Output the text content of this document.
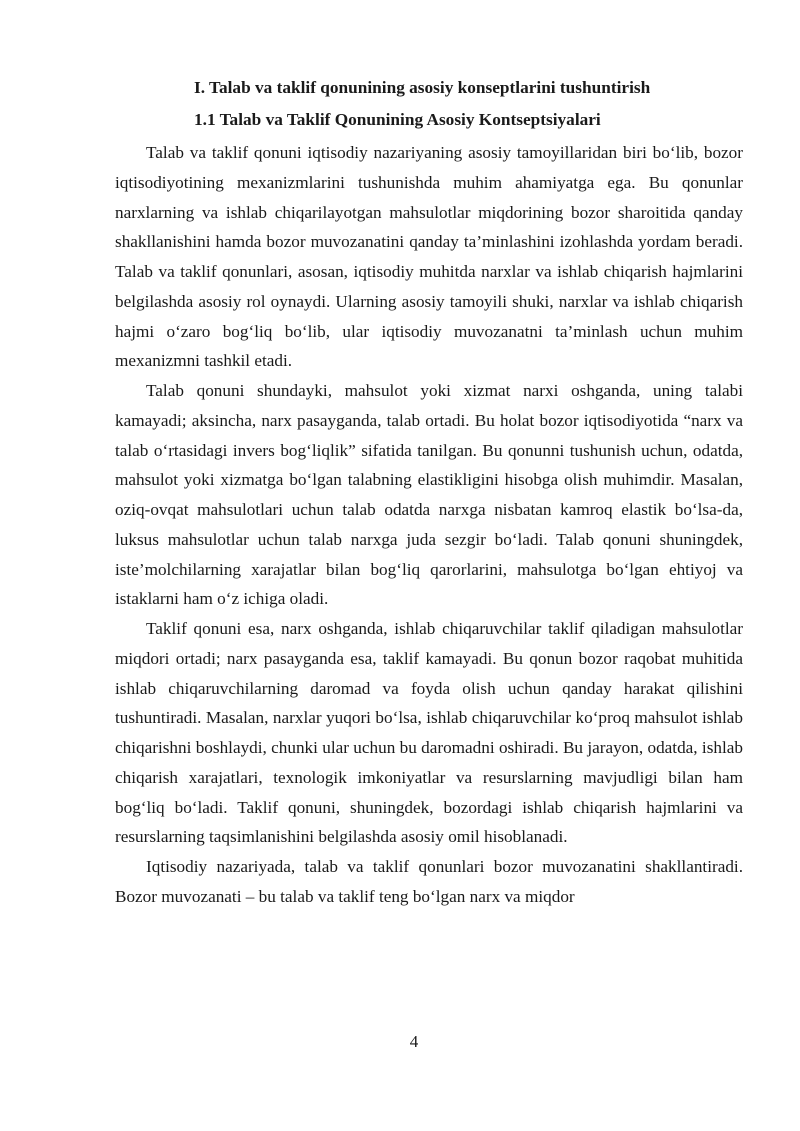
I. Talab va taklif qonunining asosiy konseptlarini tushuntirish
1.1 Talab va Taklif Qonunining Asosiy Kontseptsiyalari

Talab va taklif qonuni iqtisodiy nazariyaning asosiy tamoyillaridan biri bo‘lib, bozor iqtisodiyotining mexanizmlarini tushunishda muhim ahamiyatga ega. Bu qonunlar narxlarning va ishlab chiqarilayotgan mahsulotlar miqdorining bozor sharoitida qanday shakllanishini hamda bozor muvozanatini qanday ta’minlashini izohlashda yordam beradi. Talab va taklif qonunlari, asosan, iqtisodiy muhitda narxlar va ishlab chiqarish hajmlarini belgilashda asosiy rol oynaydi. Ularning asosiy tamoyili shuki, narxlar va ishlab chiqarish hajmi o‘zaro bog‘liq bo‘lib, ular iqtisodiy muvozanatni ta’minlash uchun muhim mexanizmni tashkil etadi.

Talab qonuni shundayki, mahsulot yoki xizmat narxi oshganda, uning talabi kamayadi; aksincha, narx pasayganda, talab ortadi. Bu holat bozor iqtisodiyotida “narx va talab o‘rtasidagi invers bog‘liqlik” sifatida tanilgan. Bu qonunni tushunish uchun, odatda, mahsulot yoki xizmatga bo‘lgan talabning elastikligini hisobga olish muhimdir. Masalan, oziq-ovqat mahsulotlari uchun talab odatda narxga nisbatan kamroq elastik bo‘lsa-da, luksus mahsulotlar uchun talab narxga juda sezgir bo‘ladi. Talab qonuni shuningdek, iste’molchilarning xarajatlar bilan bog‘liq qarorlarini, mahsulotga bo‘lgan ehtiyoj va istaklarni ham o‘z ichiga oladi.

Taklif qonuni esa, narx oshganda, ishlab chiqaruvchilar taklif qiladigan mahsulotlar miqdori ortadi; narx pasayganda esa, taklif kamayadi. Bu qonun bozor raqobat muhitida ishlab chiqaruvchilarning daromad va foyda olish uchun qanday harakat qilishini tushuntiradi. Masalan, narxlar yuqori bo‘lsa, ishlab chiqaruvchilar ko‘proq mahsulot ishlab chiqarishni boshlaydi, chunki ular uchun bu daromadni oshiradi. Bu jarayon, odatda, ishlab chiqarish xarajatlari, texnologik imkoniyatlar va resurslarning mavjudligi bilan ham bog‘liq bo‘ladi. Taklif qonuni, shuningdek, bozordagi ishlab chiqarish hajmlarini va resurslarning taqsimlanishini belgilashda asosiy omil hisoblanadi.

Iqtisodiy nazariyada, talab va taklif qonunlari bozor muvozanatini shakllantiradi. Bozor muvozanati – bu talab va taklif teng bo‘lgan narx va miqdor

4
